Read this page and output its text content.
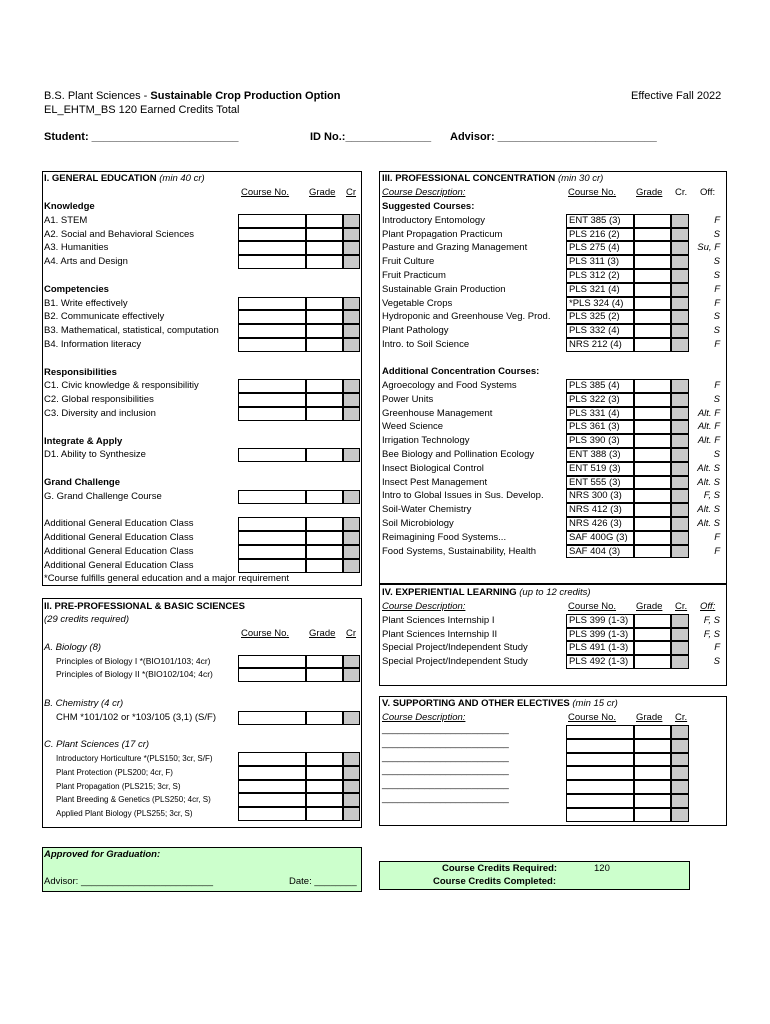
B.S. Plant Sciences - Sustainable Crop Production Option	Effective Fall 2022
EL_EHTM_BS 120 Earned Credits Total
Student: ________________________	ID No.:______________ Advisor: __________________________
I. GENERAL EDUCATION (min 40 cr)
Course No. Grade Cr
Knowledge
A1. STEM
A2. Social and Behavioral Sciences
A3. Humanities
A4. Arts and Design
Competencies
B1. Write effectively
B2. Communicate effectively
B3. Mathematical, statistical, computation
B4. Information literacy
Responsibilities
C1. Civic knowledge & responsibilitiy
C2. Global responsibilities
C3. Diversity and inclusion
Integrate & Apply
D1. Ability to Synthesize
Grand Challenge
G. Grand Challenge Course
Additional General Education Class
Additional General Education Class
Additional General Education Class
Additional General Education Class
*Course fulfills general education and a major requirement
II. PRE-PROFESSIONAL & BASIC SCIENCES
(29 credits required)
Course No. Grade Cr
A. Biology (8)
Principles of Biology I *(BIO101/103; 4cr)
Principles of Biology II *(BIO102/104; 4cr)
B. Chemistry (4 cr)
CHM *101/102 or *103/105 (3,1) (S/F)
C. Plant Sciences (17 cr)
Introductory Horticulture *(PLS150; 3cr, S/F)
Plant Protection (PLS200; 4cr, F)
Plant Propagation (PLS215; 3cr, S)
Plant Breeding & Genetics (PLS250; 4cr, S)
Applied Plant Biology (PLS255; 3cr, S)
III. PROFESSIONAL CONCENTRATION (min 30 cr)
Course Description:	Course No. Grade Cr. Off:
Suggested Courses:
Additional Concentration Courses:
Introductory Entomology	ENT 385 (3)	F
Plant Propagation Practicum	PLS 216 (2)	S
Pasture and Grazing Management	PLS 275 (4)	Su, F
Fruit Culture	PLS 311 (3)	S
Fruit Practicum	PLS 312 (2)	S
Sustainable Grain Production	PLS 321 (4)	F
Vegetable Crops	*PLS 324 (4)	F
Hydroponic and Greenhouse Veg. Prod.	PLS 325 (2)	S
Plant Pathology	PLS 332 (4)	S
Intro. to Soil Science	NRS 212 (4)	F
Agroecology and Food Systems	PLS 385 (4)	F
Power Units	PLS 322 (3)	S
Greenhouse Management	PLS 331 (4)	Alt. F
Weed Science	PLS 361 (3)	Alt. F
Irrigation Technology	PLS 390 (3)	Alt. F
Bee Biology and Pollination Ecology	ENT 388 (3)	S
Insect Biological Control	ENT 519 (3)	Alt. S
Insect Pest Management	ENT 555 (3)	Alt. S
Intro to Global Issues in Sus. Develop.	NRS 300 (3)	F, S
Soil-Water Chemistry	NRS 412 (3)	Alt. S
Soil Microbiology	NRS 426 (3)	Alt. S
Reimagining Food Systems...	SAF 400G (3)	F
Food Systems, Sustainability, Health	SAF 404 (3)	F
IV. EXPERIENTIAL LEARNING (up to 12 credits)
Course Description:	Course No. Grade Cr. Off:
Plant Sciences Internship I	PLS 399 (1-3)	F, S
Plant Sciences Internship II	PLS 399 (1-3)	F, S
Special Project/Independent Study	PLS 491 (1-3)	F
Special Project/Independent Study	PLS 492 (1-3)	S
V. SUPPORTING AND OTHER ELECTIVES (min 15 cr)
Course Description:	Course No. Grade Cr.
________________________
________________________
________________________
________________________
________________________
________________________
Approved for Graduation:
Advisor: _________________________	Date: ________
Course Credits Required:	120
Course Credits Completed:
